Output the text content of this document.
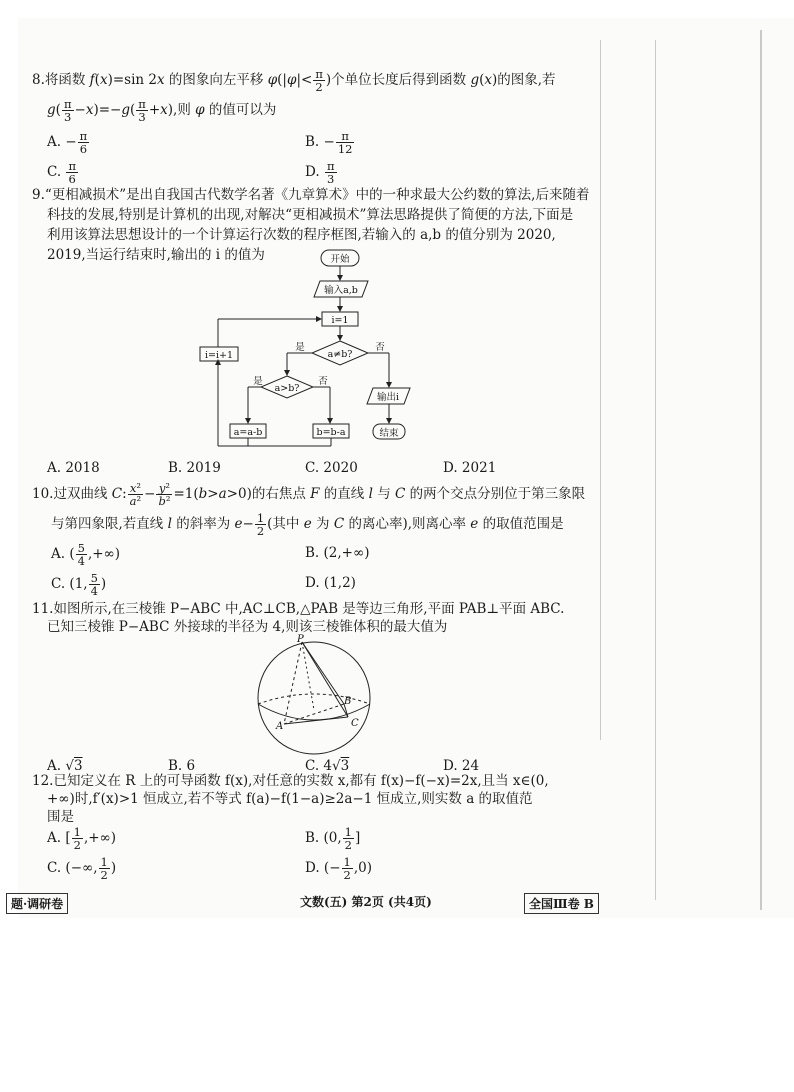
8.将函数 f(x)=sin 2x 的图象向左平移 $\varphi(|\varphi|< \frac{\pi}{2}$ )个单位长度后得到函数 g(x)的图象,若
$g( \frac{\pi}{3} -x)=-g( \frac{\pi}{3} +x)$,则 φ 的值可以为
A. − $\frac{\pi}{6}$	B. − $\frac{\pi}{12}$
C. $\frac{\pi}{6}$	D. $\frac{\pi}{3}$
9.“更相减损术”是出自我国古代数学名著《九章算术》中的一种求最大公约数的算法,后来随着
科技的发展,特别是计算机的出现,对解决“更相减损术”算法思路提供了简便的方法,下面是
利用该算法思想设计的一个计算运行次数的程序框图,若输入的 a,b 的值分别为 2020,
2019,当运行结束时,输出的 i 的值为	开始
输入a,b
i=1
a≠b?
是	否
a>b?
是	否
a=a-b	b=b-a
i=i+1
输出i
结束
A. 2018	B. 2019	C. 2020	D. 2021
10.过双曲线 C: $\frac{\text{x²}}{\text{a²}} - \frac{\text{y²}}{\text{b²}} =1(b>a>0)$的右焦点 F 的直线 l 与 C 的两个交点分别位于第三象限
与第四象限,若直线 l 的斜率为 $e- \frac{1}{2}$ (其中 e 为 C 的离心率),则离心率 e 的取值范围是
A. ( $\frac{5}{4}$ ,+∞)	B. (2,+∞)
C. (1, $\frac{5}{4}$ )	D. (1,2)
11.如图所示,在三棱锥 P−ABC 中,AC⊥CB,△PAB 是等边三角形,平面 PAB⊥平面 ABC.
已知三棱锥 P−ABC 外接球的半径为 4,则该三棱锥体积的最大值为
P
A
B
C
A. √3	B. 6	C. 4√3	D. 24
12.已知定义在 R 上的可导函数 f(x),对任意的实数 x,都有 f(x)−f(−x)=2x,且当 x∈(0,
+∞)时,f′(x)>1 恒成立,若不等式 f(a)−f(1−a)≥2a−1 恒成立,则实数 a 的取值范
围是
A. [ $\frac{1}{2}$ ,+∞)	B. (0, $\frac{1}{2}$ ]
C. (−∞, $\frac{1}{2}$ )	D. (− $\frac{1}{2} ,0$)
题·调研卷	文数(五) 第2页 (共4页)	全国Ⅲ卷 B
